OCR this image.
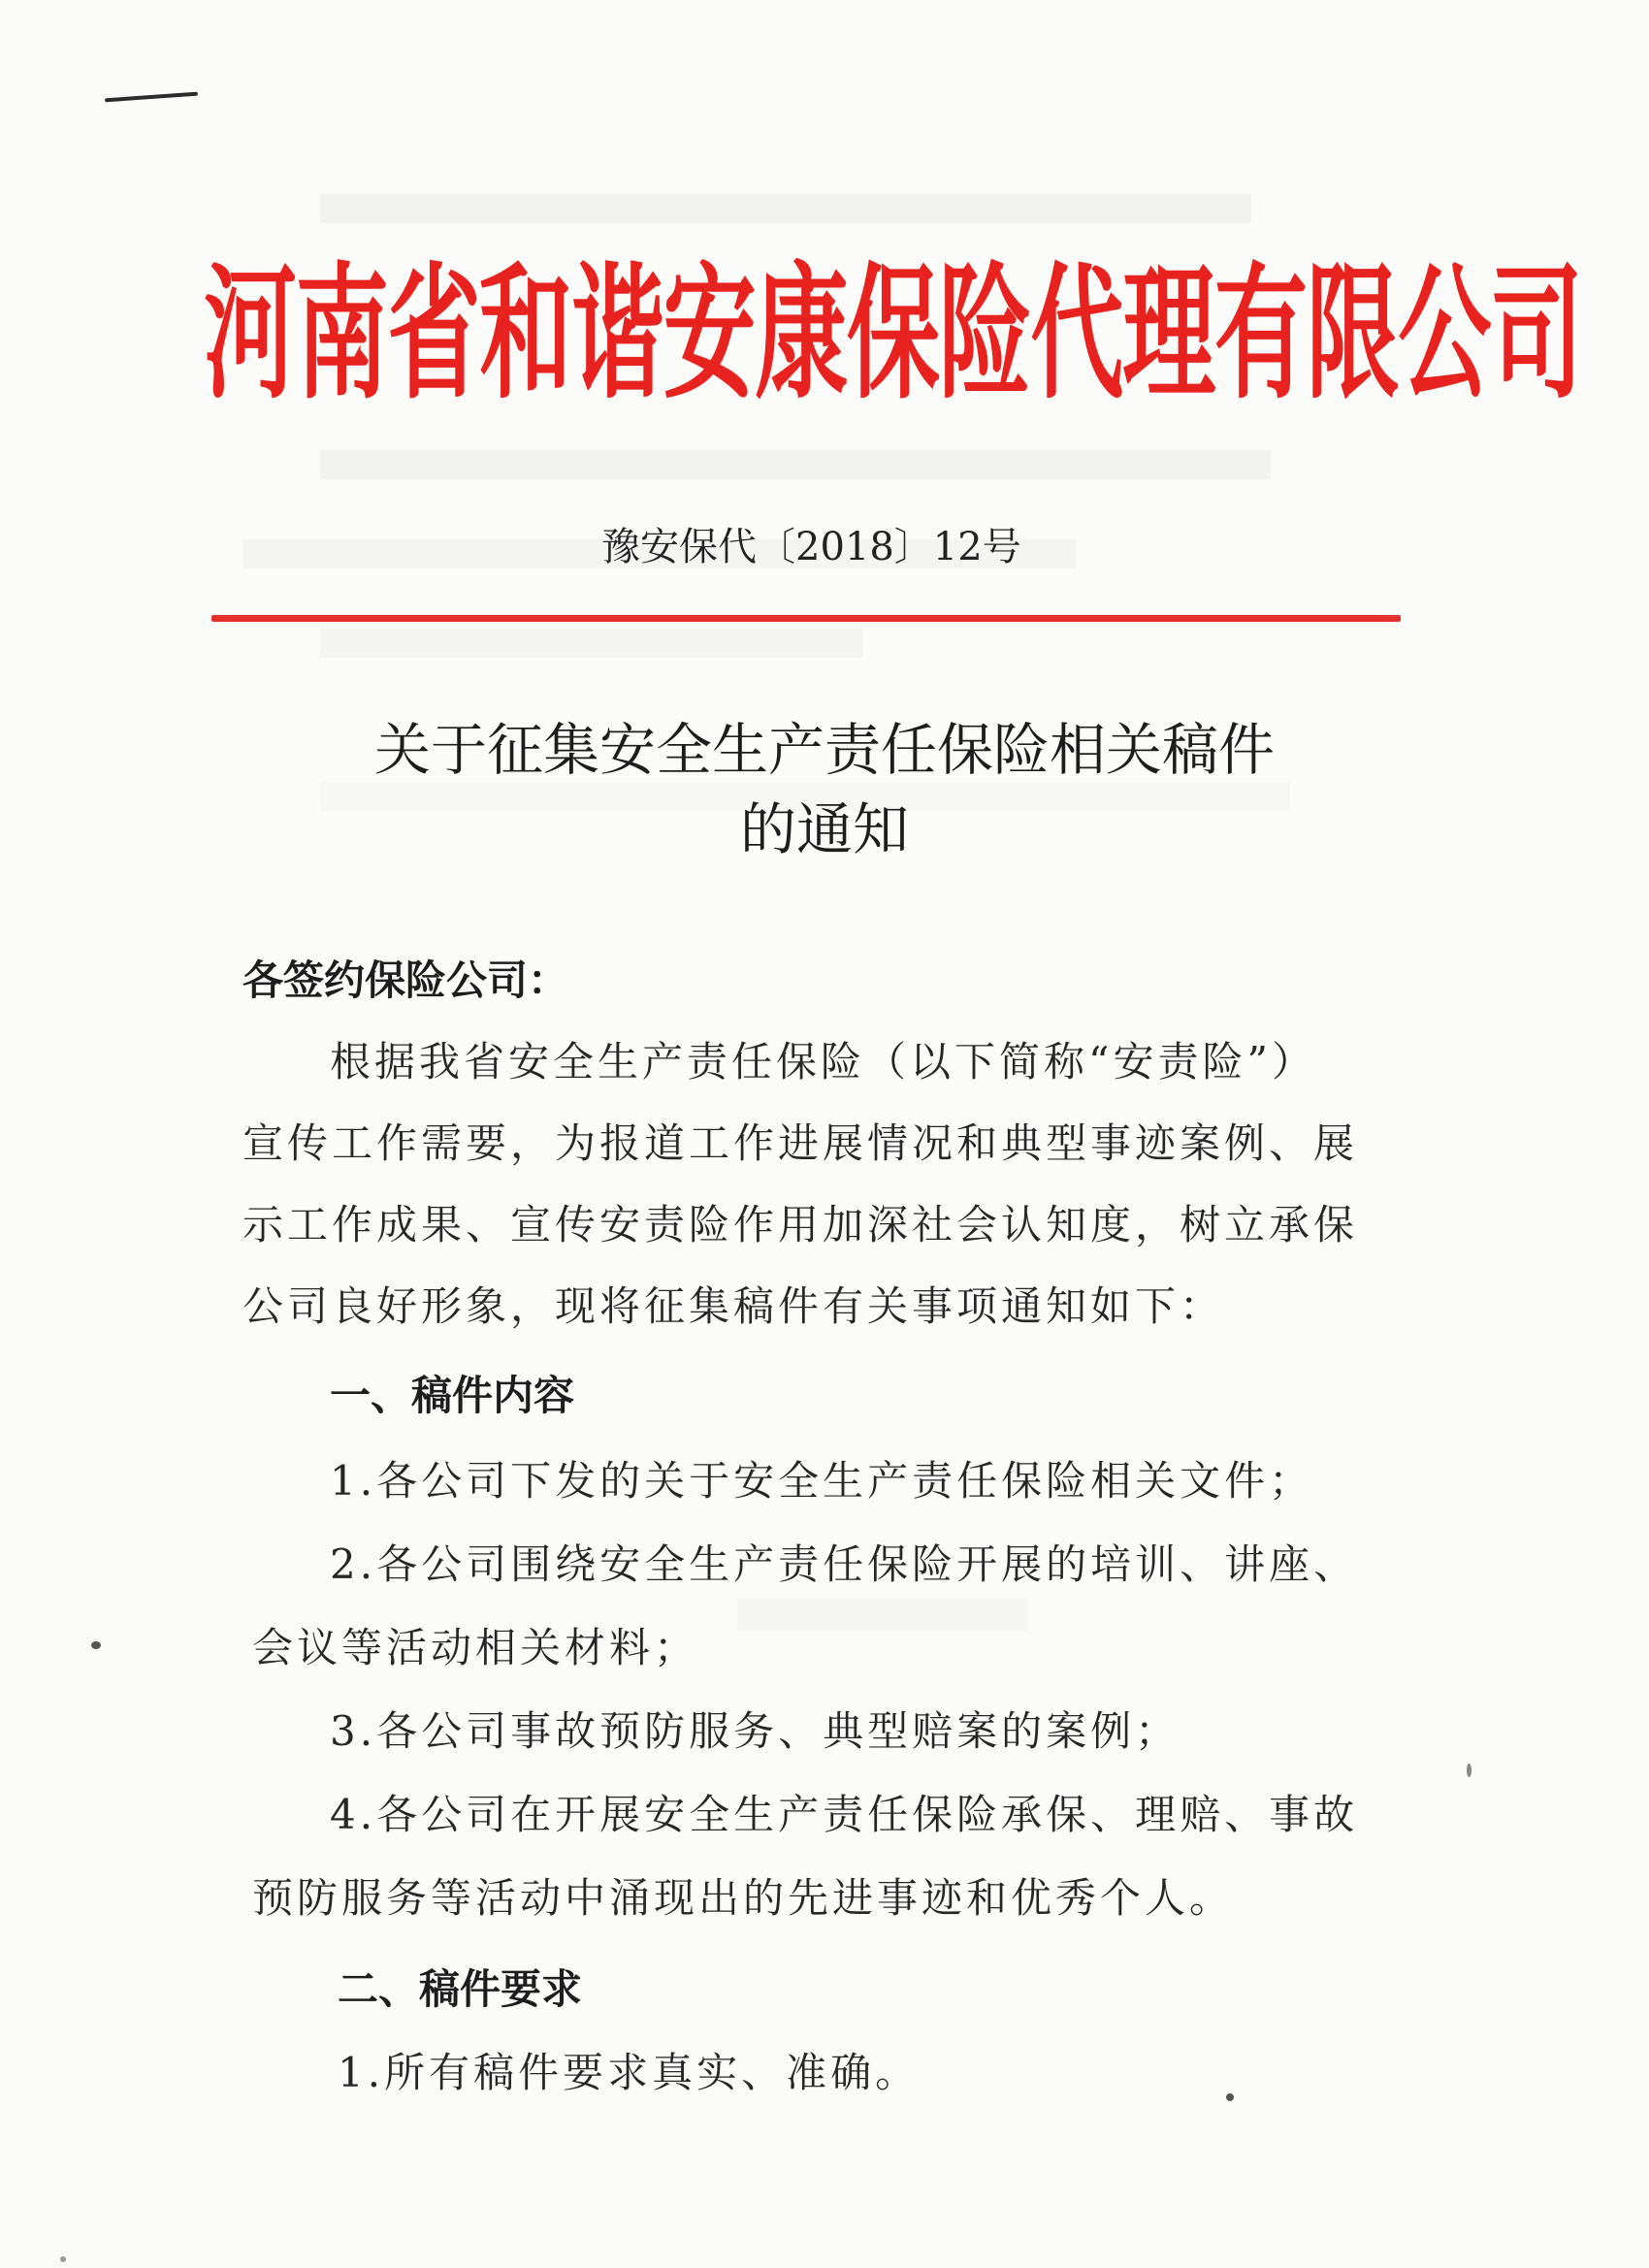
河南省和谐安康保险代理有限公司
豫安保代〔2018〕12号
关于征集安全生产责任保险相关稿件
的通知
各签约保险公司：
根据我省安全生产责任保险（以下简称“安责险”）
宣传工作需要，为报道工作进展情况和典型事迹案例、展
示工作成果、宣传安责险作用加深社会认知度，树立承保
公司良好形象，现将征集稿件有关事项通知如下：
一、稿件内容
1.各公司下发的关于安全生产责任保险相关文件；
2.各公司围绕安全生产责任保险开展的培训、讲座、
会议等活动相关材料；
3.各公司事故预防服务、典型赔案的案例；
4.各公司在开展安全生产责任保险承保、理赔、事故
预防服务等活动中涌现出的先进事迹和优秀个人。
二、稿件要求
1.所有稿件要求真实、准确。
